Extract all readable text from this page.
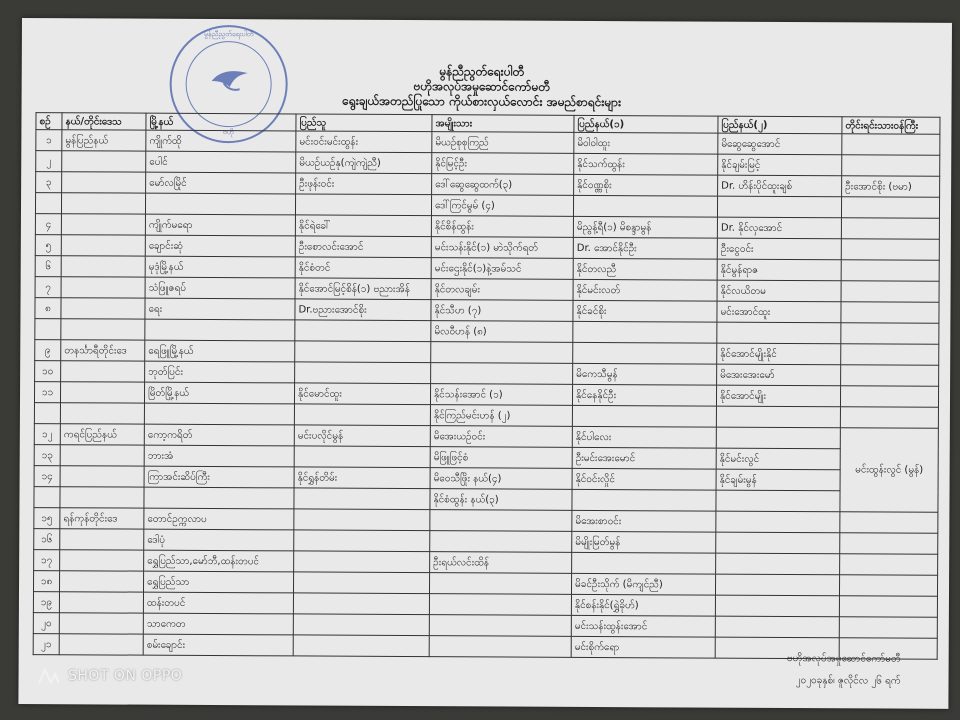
မွန်ညီညွတ်ရေးပါတီ
ဗဟို
မွန်ညီညွတ်ရေးပါတီ
ဗဟိုအလုပ်အမှုဆောင်ကော်မတီ
ရွေးချယ်အတည်ပြုသော ကိုယ်စားလှယ်လောင်း အမည်စာရင်းများ
စဉ်	နယ်/တိုင်းဒေသ	မြို့နယ်	ပြည်သူ	အမျိုးသား	ပြည်နယ်(၁)	ပြည်နယ်(၂)	တိုင်းရင်းသားဝန်ကြီး
၁	မွန်ပြည်နယ်	ကျိုက်ထို	မင်းဝင်းမင်းထွန်း	မိယဉ်စုစုကြည်	မိဝါဝါထူး	မိဆွေဆွေအောင်	
၂		ပေါင်	မိယဉ်ယဉ်နု(ကျဲကျဲညီ)	နိုင်မြင့်ဦး	နိုင်သက်ထွန်း	နိုင်ချမ်းမြင့်	
၃		မော်လမြိုင်	ဦးဖုန်းဝင်း	ဒေါ်ဆွေဆွေထက်(၃)	နိုင်ဝဏ္ဏစိုး	Dr. ဟိန်းပိုင်ထူးချစ်	ဦးအောင်စိုး (ဗမာ)
				ဒေါ်ကြင်မွမ် (၄)			
၄		ကျိုက်မရော	နိုင်ရဲခေါ်	နိုင်စိန်ထွန်း	မိညွန့်ရီ(၁) မိစန္ဒာမွန်	Dr. နိုင်လှအောင်	
၅		ချောင်းဆုံ	ဦးစောလင်းအောင်	မင်းသန်းနိုင်(၁) မာဲသိုက်ရတ်	Dr. အောင်နိုင်ဦး	ဦးငွေဝင်း	
၆		မုဒုံမြို့နယ်	နိုင်စံတင်	မင်းဌေးနိုင်(၁)နဲ့အမ်သင်	နိုင်တလညီ	နိုင်မွန်ရာဇ	
၇		သံဖြူဇရပ်	နိုင်အောင်မြင့်စိန်(၁) ဗညားအိန်	နိုင်တလချမ်း	နိုင်မင်းလတ်	နိုင်လယိတမ	
၈		ရေး	Dr.ဗညားအောင်စိုး	နိုင်သီဟ (၇)	နိုင်ခင်စိုး	မင်းအောင်ထူး	
				မိလဝီဟန် (၈)			
၉	တနင်္သာရီတိုင်းဒေ	ရေဖြူမြို့နယ်				နိုင်အောင်မျိုးနိုင်	
၁၀		ဘုတ်ပြင်း			မိကေသီမွန်	မိအေးအေးမော်	
၁၁		မြိတ်မြို့နယ်	နိုင်မောင်ထူး	နိုင်သန်းအောင် (၁)	နိုင်နေနိုင်ဦး	နိုင်အောင်မျိုး	
				နိုင်ကြည်မင်းဟန် (၂)			
၁၂	ကရင်ပြည်နယ်	ကော့ကရိတ်	မင်းပလိုင်မွန်	မိအေးယဉ်ဝင်း	နိုင်ပါလေး		မင်းထွန်းလွင် (မွန်)
၁၃		ဘားအံ		မိဖြူဖြင့်စံ	ဦးမင်းအေးမောင်	နိုင်မင်းလွင်	
၁၄		ကြာအင်းဆိပ်ကြီး	နိုင်ရွှန်တိမ်း	မိဝေသီဖြိုး နယ်(၄)	နိုင်ဝင်းလှိုင်	နိုင်ချမ်းမွန်	
				နိုင်စံထွန်း နယ်(၃)			
၁၅	ရန်ကုန်တိုင်းဒေ	တောင်ဥက္ကလာပ			မိအေးစာဝင်း		
၁၆		ဒေါပုံ			မိမျိုးမြတ်မွန်		
၁၇		ရွှေပြည်သာ,မော်ဘီ,ထန်းတပင်		ဦးရယ်လင်းထိန်			
၁၈		ရွှေပြည်သာ			မိခင်ဦးသိုက် (မိကျင်ညီ)		
၁၉		ထန်းတပင်			နိုင်စန်းနိုင်(ရွှဲခိုဟ်)		
၂၀		သာကေတ			မင်းသန်းထွန်းအောင်		
၂၁		စမ်းချောင်း			မင်းစိုက်ရော		
ဗဟိုအလုပ်အမှုဆောင်ကော်မတီ
၂၀၂၀ခုနှစ်၊ ဇူလိုင်လ ၂၆ ရက်
SHOT ON OPPO
